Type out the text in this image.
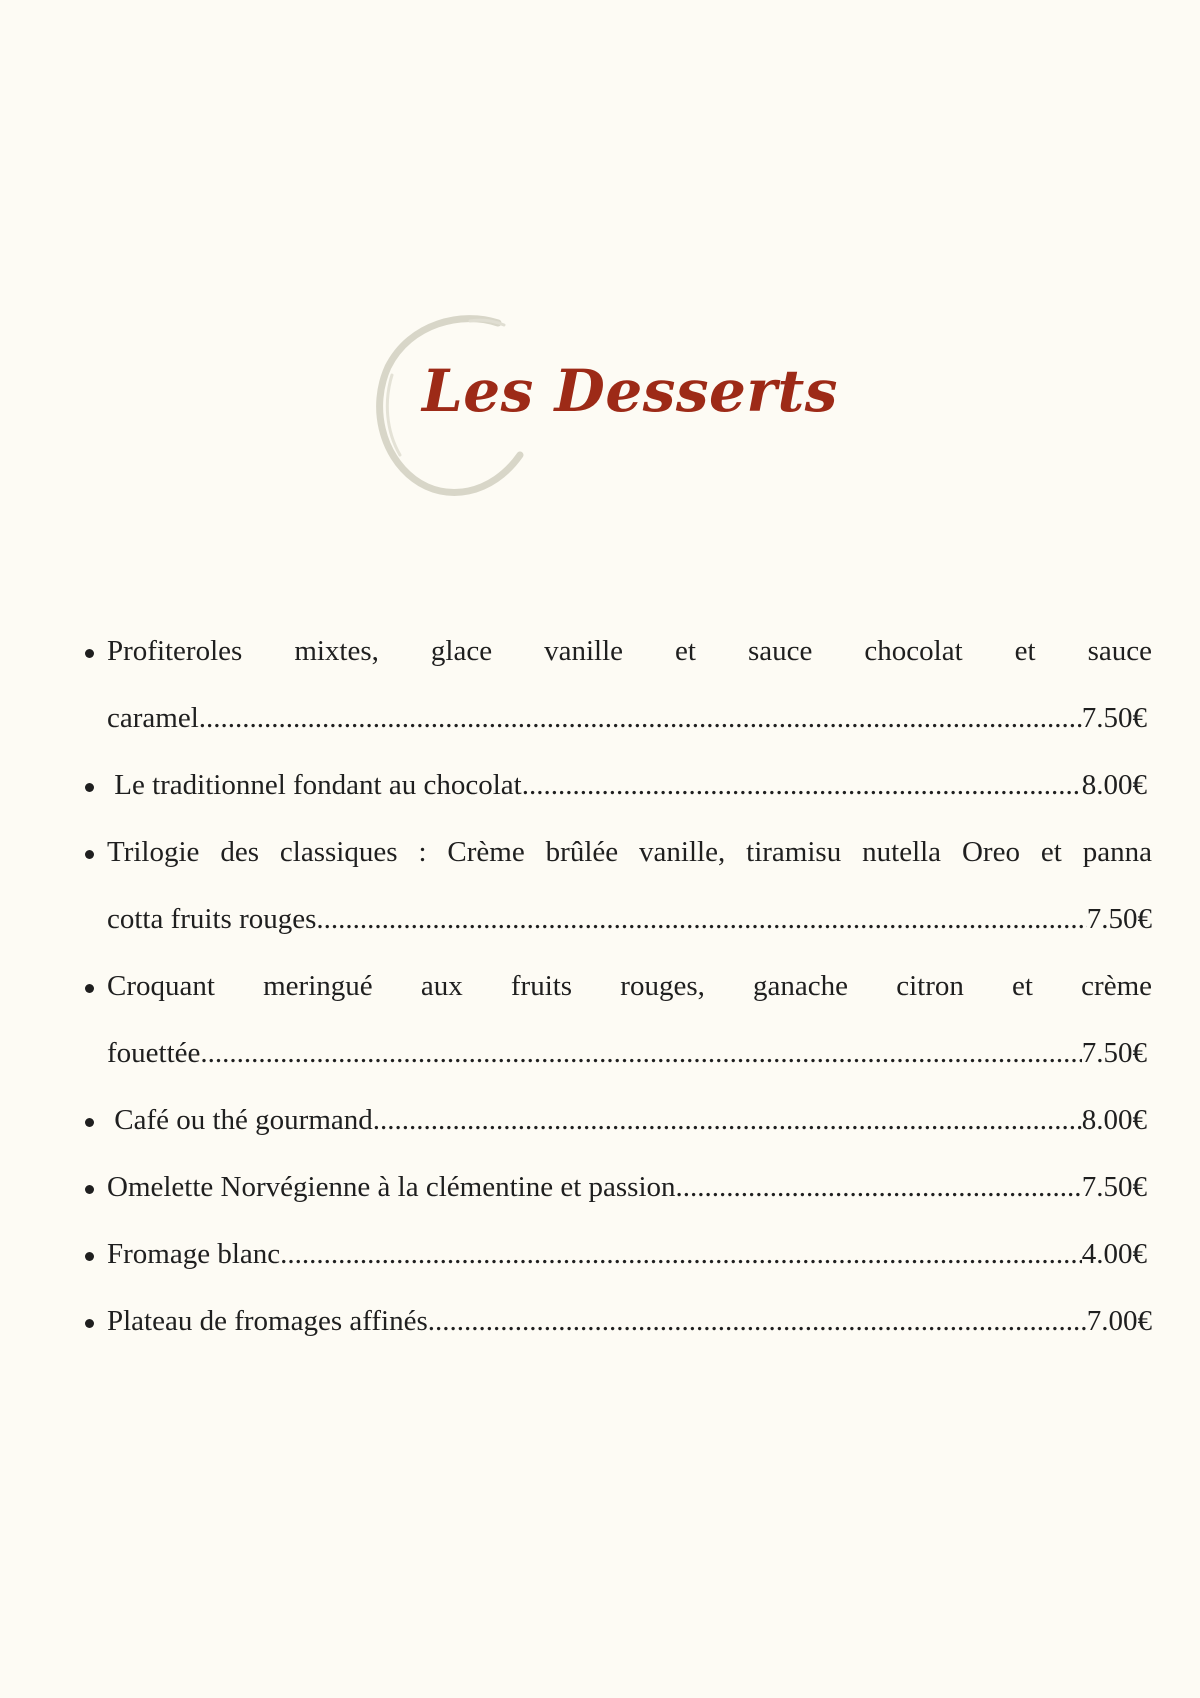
Les Desserts
Profiteroles mixtes, glace vanille et sauce chocolat et sauce
caramel .....	7.50€
Le traditionnel fondant au chocolat .....	8.00€
Trilogie des classiques : Crème brûlée vanille, tiramisu nutella Oreo et panna
cotta fruits rouges .....	7.50€
Croquant meringué aux fruits rouges, ganache citron et crème
fouettée .....	7.50€
Café ou thé gourmand .....	8.00€
Omelette Norvégienne à la clémentine et passion .....	7.50€
Fromage blanc .....	4.00€
Plateau de fromages affinés .....	7.00€
